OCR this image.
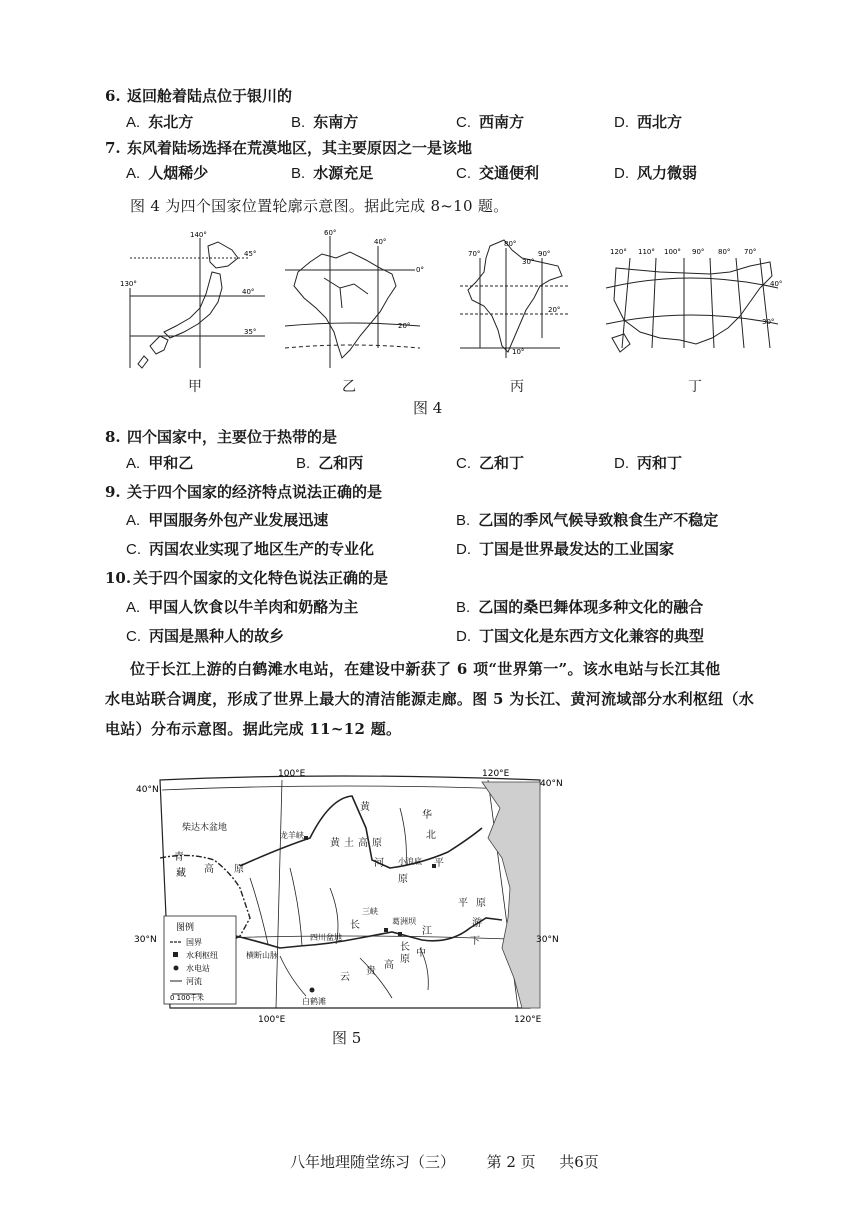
6. 返回舱着陆点位于银川的
A. 东北方	B. 东南方	C. 西南方	D. 西北方
7. 东风着陆场选择在荒漠地区，其主要原因之一是该地
A. 人烟稀少	B. 水源充足	C. 交通便利	D. 风力微弱
图 4 为四个国家位置轮廓示意图。据此完成 8~10 题。
140°
45°
130°
40°
35°
甲
60°
40°
0°
20°
乙
70°
80°
30°
90°
20°
10°
丙
120° 110° 100° 90° 80° 70°
40°
30°
丁
图 4
8. 四个国家中，主要位于热带的是
A. 甲和乙	B. 乙和丙	C. 乙和丁	D. 丙和丁
9. 关于四个国家的经济特点说法正确的是
A. 甲国服务外包产业发展迅速	B. 乙国的季风气候导致粮食生产不稳定
C. 丙国农业实现了地区生产的专业化	D. 丁国是世界最发达的工业国家
10. 关于四个国家的文化特色说法正确的是
A. 甲国人饮食以牛羊肉和奶酪为主	B. 乙国的桑巴舞体现多种文化的融合
C. 丙国是黑种人的故乡	D. 丁国文化是东西方文化兼容的典型
位于长江上游的白鹤滩水电站，在建设中新获了 6 项“世界第一”。该水电站与长江其他
水电站联合调度，形成了世界上最大的清洁能源走廊。图 5 为长江、黄河流域部分水利枢纽（水
电站）分布示意图。据此完成 11~12 题。
100°E	120°E
100°E	120°E
40°N
40°N
30°N	30°N
柴达木盆地
青
藏 高 原
龙羊峡
黄 土 高 原
黄
河
华
北
平
原
小浪底
四川盆地
长
三峡
葛洲坝
江
中
游
平 原
下
长
横断山脉
白鹤滩
云
贵
高
原
图例
国界
水利枢纽
水电站
河流
0 100千米
图 5
八年地理随堂练习（三） 第 2 页 共6页
